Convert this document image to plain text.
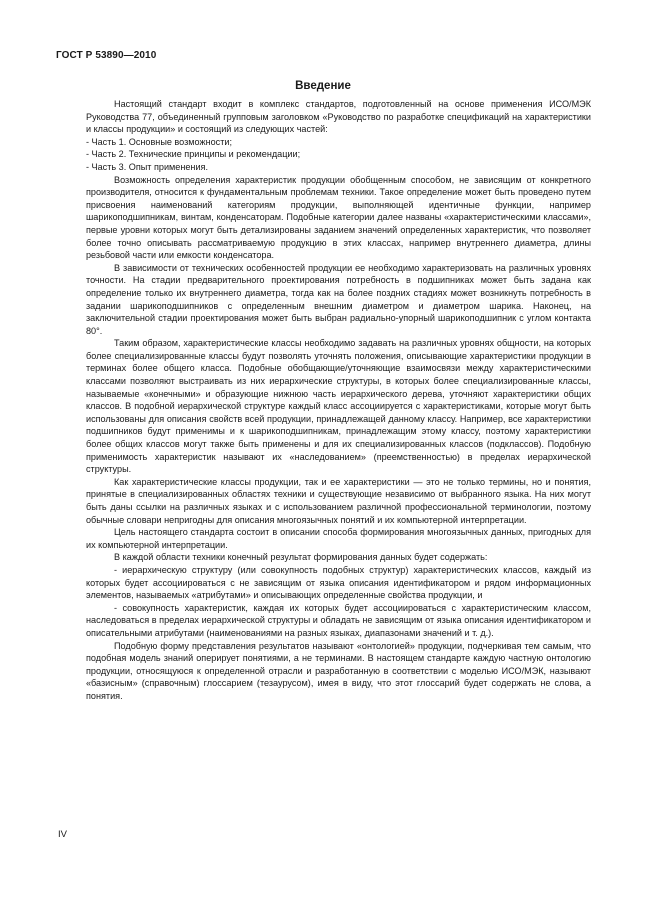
ГОСТ Р 53890—2010
Введение

Настоящий стандарт входит в комплекс стандартов, подготовленный на основе применения ИСО/МЭК Руководства 77, объединенный групповым заголовком «Руководство по разработке спецификаций на характеристики и классы продукции» и состоящий из следующих частей:

- Часть 1. Основные возможности;

- Часть 2. Технические принципы и рекомендации;

- Часть 3. Опыт применения.

Возможность определения характеристик продукции обобщенным способом, не зависящим от конкретного производителя, относится к фундаментальным проблемам техники. Такое определение может быть проведено путем присвоения наименований категориям продукции, выполняющей идентичные функции, например шарикоподшипникам, винтам, конденсаторам. Подобные категории далее названы «характеристическими классами», первые уровни которых могут быть детализированы заданием значений определенных характеристик, что позволяет более точно описывать рассматриваемую продукцию в этих классах, например внутреннего диаметра, длины резьбовой части или емкости конденсатора.

В зависимости от технических особенностей продукции ее необходимо характеризовать на различных уровнях точности. На стадии предварительного проектирования потребность в подшипниках может быть задана как определение только их внутреннего диаметра, тогда как на более поздних стадиях может возникнуть потребность в задании шарикоподшипников с определенным внешним диаметром и диаметром шарика. Наконец, на заключительной стадии проектирования может быть выбран радиально-упорный шарикоподшипник с углом контакта 80°.

Таким образом, характеристические классы необходимо задавать на различных уровнях общности, на которых более специализированные классы будут позволять уточнять положения, описывающие характеристики продукции в терминах более общего класса. Подобные обобщающие/уточняющие взаимосвязи между характеристическими классами позволяют выстраивать из них иерархические структуры, в которых более специализированные классы, называемые «конечными» и образующие нижнюю часть иерархического дерева, уточняют характеристики общих классов. В подобной иерархической структуре каждый класс ассоциируется с характеристиками, которые могут быть использованы для описания свойств всей продукции, принадлежащей данному классу. Например, все характеристики подшипников будут применимы и к шарикоподшипникам, принадлежащим этому классу, поэтому характеристики более общих классов могут также быть применены и для их специализированных классов (подклассов). Подобную применимость характеристик называют их «наследованием» (преемственностью) в пределах иерархической структуры.

Как характеристические классы продукции, так и ее характеристики — это не только термины, но и понятия, принятые в специализированных областях техники и существующие независимо от выбранного языка. На них могут быть даны ссылки на различных языках и с использованием различной профессиональной терминологии, поэтому обычные словари непригодны для описания многоязычных понятий и их компьютерной интерпретации.

Цель настоящего стандарта состоит в описании способа формирования многоязычных данных, пригодных для их компьютерной интерпретации.

В каждой области техники конечный результат формирования данных будет содержать:

- иерархическую структуру (или совокупность подобных структур) характеристических классов, каждый из которых будет ассоциироваться с не зависящим от языка описания идентификатором и рядом информационных элементов, называемых «атрибутами» и описывающих определенные свойства продукции, и

- совокупность характеристик, каждая их которых будет ассоциироваться с характеристическим классом, наследоваться в пределах иерархической структуры и обладать не зависящим от языка описания идентификатором и описательными атрибутами (наименованиями на разных языках, диапазонами значений и т. д.).

Подобную форму представления результатов называют «онтологией» продукции, подчеркивая тем самым, что подобная модель знаний оперирует понятиями, а не терминами. В настоящем стандарте каждую частную онтологию продукции, относящуюся к определенной отрасли и разработанную в соответствии с моделью ИСО/МЭК, называют «базисным» (справочным) глоссарием (тезаурусом), имея в виду, что этот глоссарий будет содержать не слова, а понятия.

IV
